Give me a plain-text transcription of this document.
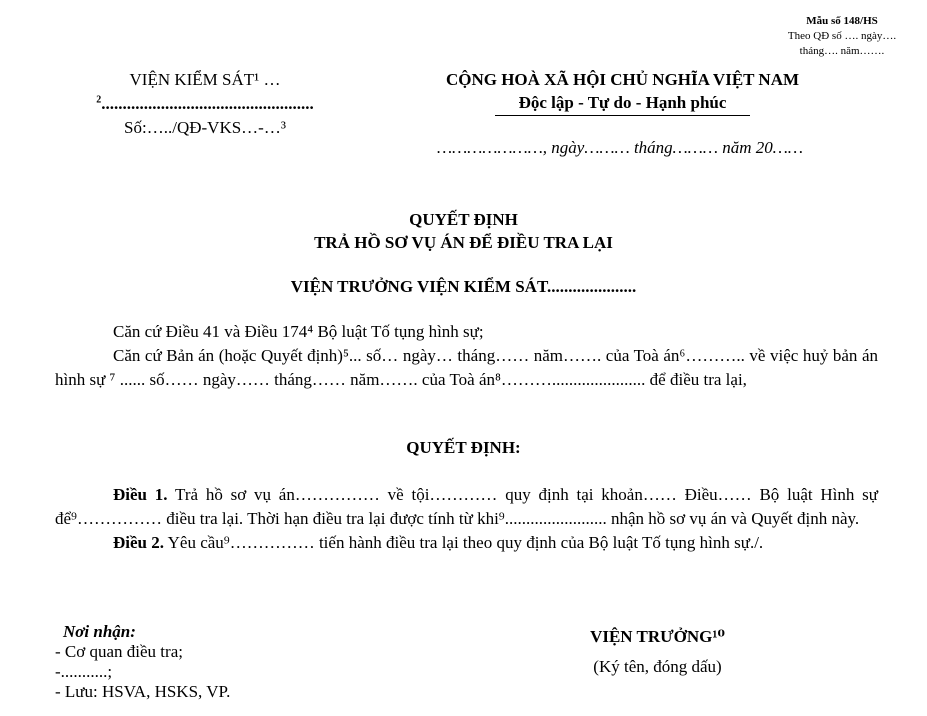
Mẫu số 148/HS
Theo QĐ số …. ngày….
tháng…. năm…….
VIỆN KIỂM SÁT¹ …
$^2$..................................................
Số:…../QĐ-VKS…-…³
CỘNG HOÀ XÃ HỘI CHỦ NGHĨA VIỆT NAM
Độc lập - Tự do - Hạnh phúc
…………………, ngày……… tháng……… năm 20……
QUYẾT ĐỊNH
TRẢ HỒ SƠ VỤ ÁN ĐỂ ĐIỀU TRA LẠI
VIỆN TRƯỞNG VIỆN KIỂM SÁT.....................

Căn cứ Điều 41 và Điều 174⁴ Bộ luật Tố tụng hình sự;

Căn cứ Bản án (hoặc Quyết định)⁵... số… ngày… tháng…… năm……. của Toà án⁶……….. về việc huỷ bản án hình sự ⁷ ...... số…… ngày…… tháng…… năm……. của Toà án⁸………...................... để điều tra lại,

QUYẾT ĐỊNH:

Điều 1. Trả hồ sơ vụ án…………… về tội………… quy định tại khoản…… Điều…… Bộ luật Hình sự để⁹…………… điều tra lại. Thời hạn điều tra lại được tính từ khi⁹........................ nhận hồ sơ vụ án và Quyết định này.

Điều 2. Yêu cầu⁹…………… tiến hành điều tra lại theo quy định của Bộ luật Tố tụng hình sự./.

Nơi nhận:
- Cơ quan điều tra;
-...........;
- Lưu: HSVA, HSKS, VP.
VIỆN TRƯỞNG¹⁰
(Ký tên, đóng dấu)
